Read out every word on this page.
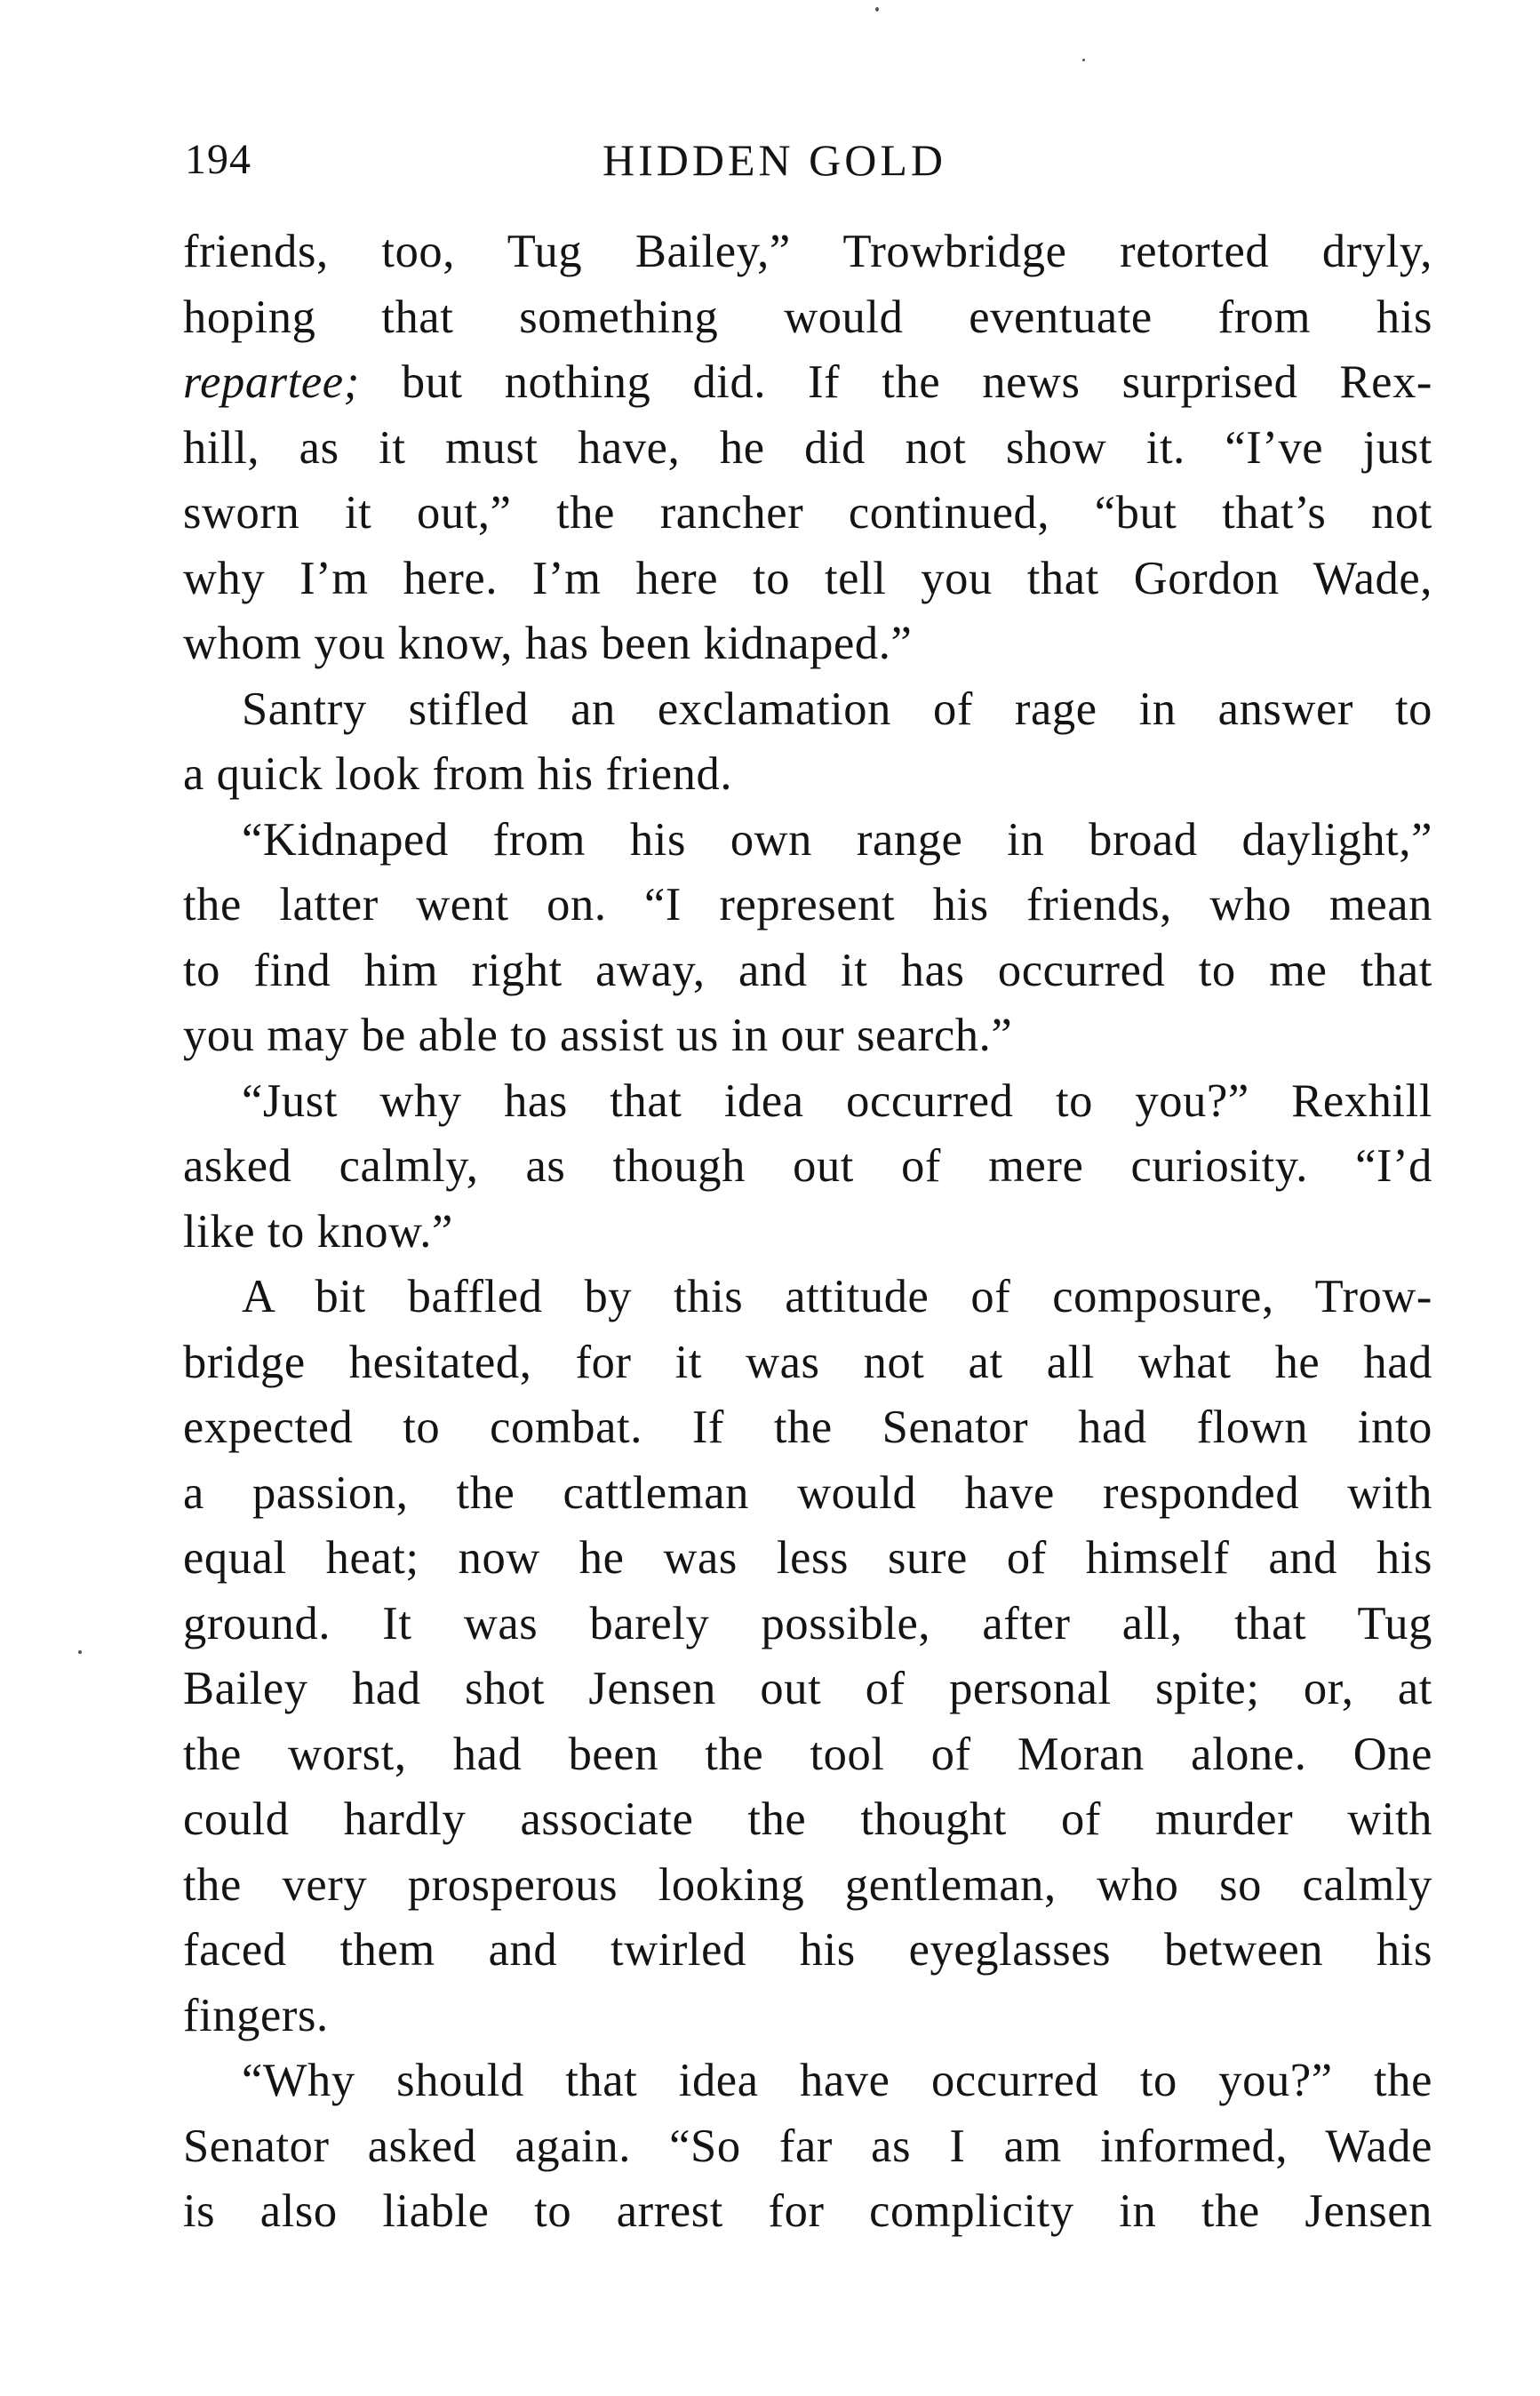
194	HIDDEN GOLD
friends, too, Tug Bailey,” Trowbridge retorted dryly,
hoping that something would eventuate from his
repartee; but nothing did. If the news surprised Rex-
hill, as it must have, he did not show it. “I’ve just
sworn it out,” the rancher continued, “but that’s not
why I’m here. I’m here to tell you that Gordon Wade,
whom you know, has been kidnaped.”
Santry stifled an exclamation of rage in answer to
a quick look from his friend.
“Kidnaped from his own range in broad daylight,”
the latter went on. “I represent his friends, who mean
to find him right away, and it has occurred to me that
you may be able to assist us in our search.”
“Just why has that idea occurred to you?” Rexhill
asked calmly, as though out of mere curiosity. “I’d
like to know.”
A bit baffled by this attitude of composure, Trow-
bridge hesitated, for it was not at all what he had
expected to combat. If the Senator had flown into
a passion, the cattleman would have responded with
equal heat; now he was less sure of himself and his
ground. It was barely possible, after all, that Tug
Bailey had shot Jensen out of personal spite; or, at
the worst, had been the tool of Moran alone. One
could hardly associate the thought of murder with
the very prosperous looking gentleman, who so calmly
faced them and twirled his eyeglasses between his
fingers.
“Why should that idea have occurred to you?” the
Senator asked again. “So far as I am informed, Wade
is also liable to arrest for complicity in the Jensen
